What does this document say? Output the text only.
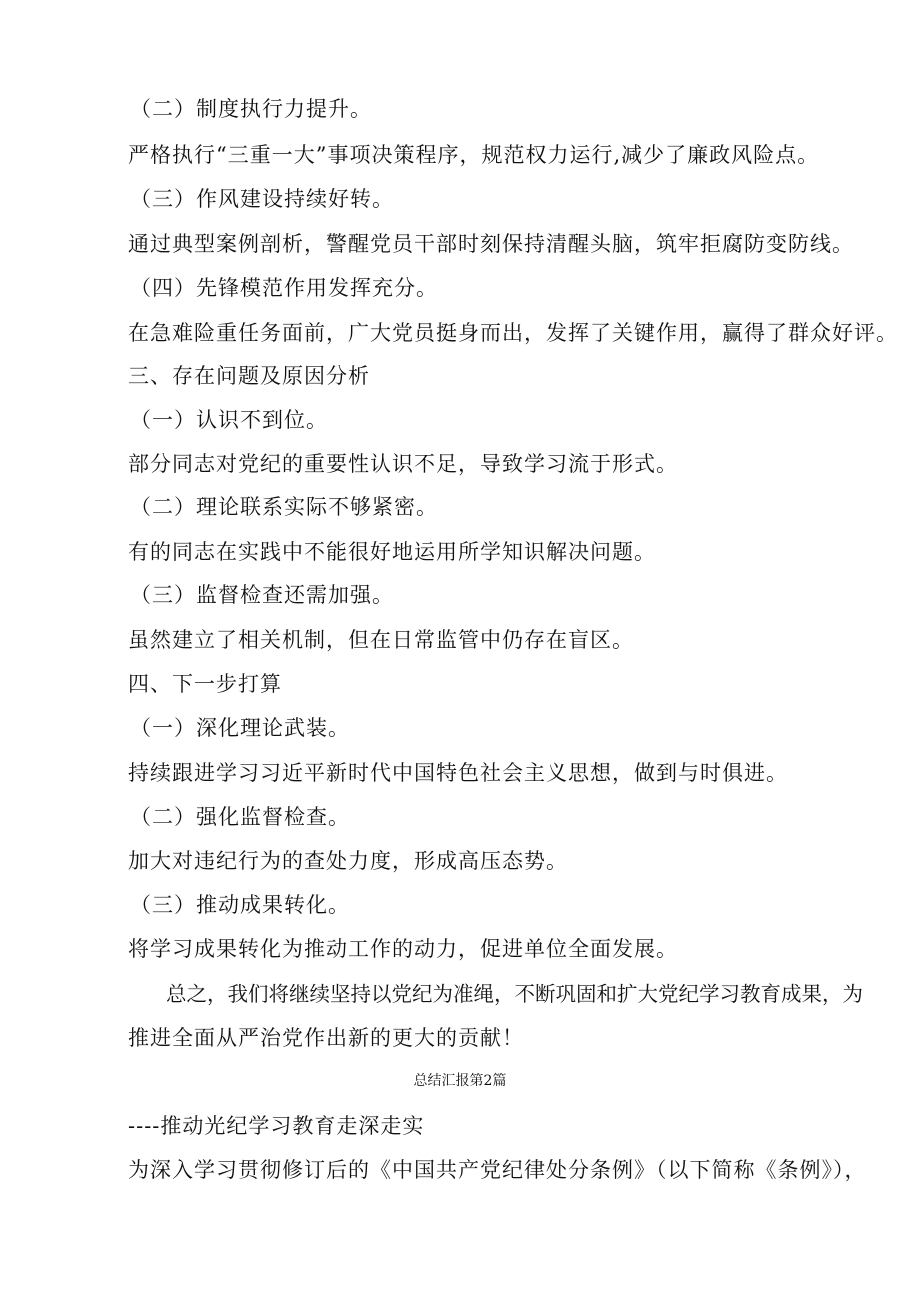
（二）制度执行力提升。
严格执行“三重一大”事项决策程序，规范权力运行,减少了廉政风险点。
（三）作风建设持续好转。
通过典型案例剖析，警醒党员干部时刻保持清醒头脑，筑牢拒腐防变防线。
（四）先锋模范作用发挥充分。
在急难险重任务面前，广大党员挺身而出，发挥了关键作用，赢得了群众好评。
三、存在问题及原因分析
（一）认识不到位。
部分同志对党纪的重要性认识不足，导致学习流于形式。
（二）理论联系实际不够紧密。
有的同志在实践中不能很好地运用所学知识解决问题。
（三）监督检查还需加强。
虽然建立了相关机制，但在日常监管中仍存在盲区。
四、下一步打算
（一）深化理论武装。
持续跟进学习习近平新时代中国特色社会主义思想，做到与时俱进。
（二）强化监督检查。
加大对违纪行为的查处力度，形成高压态势。
（三）推动成果转化。
将学习成果转化为推动工作的动力，促进单位全面发展。
总之，我们将继续坚持以党纪为准绳，不断巩固和扩大党纪学习教育成果，为
推进全面从严治党作出新的更大的贡献！
总结汇报第2篇
----推动光纪学习教育走深走实
为深入学习贯彻修订后的《中国共产党纪律处分条例》（以下简称《条例》），
